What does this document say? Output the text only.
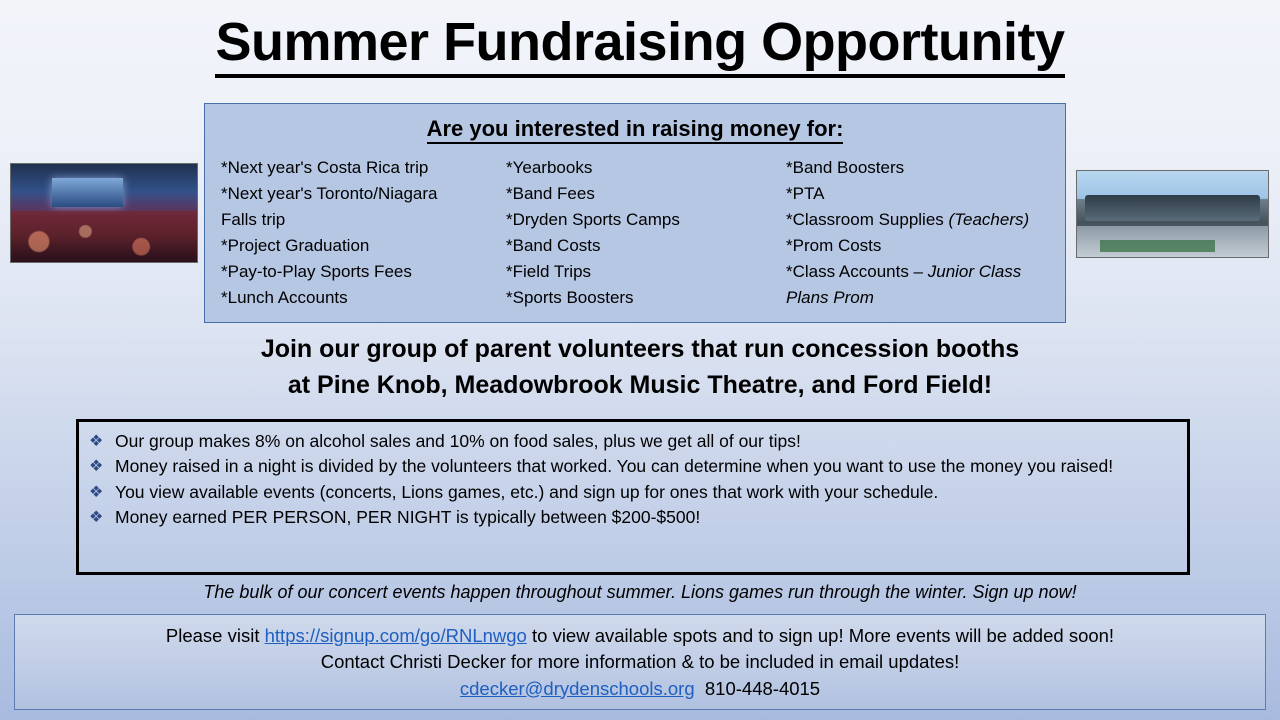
Summer Fundraising Opportunity
Are you interested in raising money for:
*Next year's Costa Rica trip
*Next year's Toronto/Niagara Falls trip
*Project Graduation
*Pay-to-Play Sports Fees
*Lunch Accounts
*Yearbooks
*Band Fees
*Dryden Sports Camps
*Band Costs
*Field Trips
*Sports Boosters
*Band Boosters
*PTA
*Classroom Supplies (Teachers)
*Prom Costs
*Class Accounts – Junior Class Plans Prom
Join our group of parent volunteers that run concession booths
at Pine Knob, Meadowbrook Music Theatre, and Ford Field!
❖ Our group makes 8% on alcohol sales and 10% on food sales, plus we get all of our tips!
❖ Money raised in a night is divided by the volunteers that worked. You can determine when you want to use the money you raised!
❖ You view available events (concerts, Lions games, etc.) and sign up for ones that work with your schedule.
❖ Money earned PER PERSON, PER NIGHT is typically between $200-$500!
The bulk of our concert events happen throughout summer. Lions games run through the winter. Sign up now!
Please visit https://signup.com/go/RNLnwgo to view available spots and to sign up! More events will be added soon!
Contact Christi Decker for more information & to be included in email updates!
cdecker@drydenschools.org 810-448-4015
